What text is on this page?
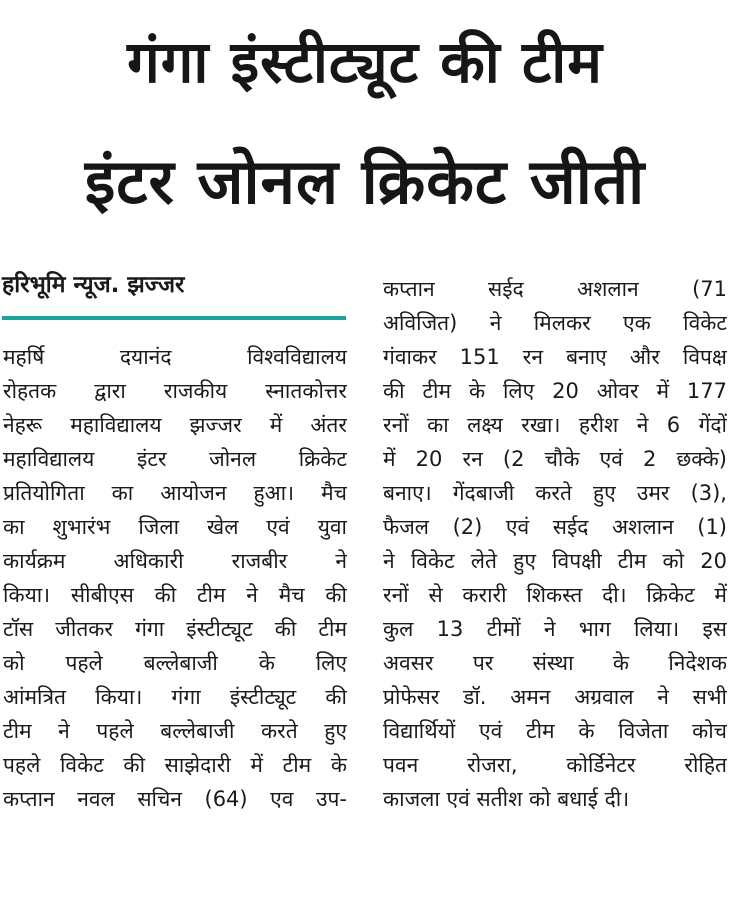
गंगा इंस्टीट्यूट की टीम
इंटर जोनल क्रिकेट जीती
हरिभूमि न्यूज. झज्जर
महर्षि दयानंद विश्वविद्यालय
रोहतक द्वारा राजकीय स्नातकोत्तर
नेहरू महाविद्यालय झज्जर में अंतर
महाविद्यालय इंटर जोनल क्रिकेट
प्रतियोगिता का आयोजन हुआ। मैच
का शुभारंभ जिला खेल एवं युवा
कार्यक्रम अधिकारी राजबीर ने
किया। सीबीएस की टीम ने मैच की
टॉस जीतकर गंगा इंस्टीट्यूट की टीम
को पहले बल्लेबाजी के लिए
आंमत्रित किया। गंगा इंस्टीट्यूट की
टीम ने पहले बल्लेबाजी करते हुए
पहले विकेट की साझेदारी में टीम के
कप्तान नवल सचिन (64) एव उप-
कप्तान सईद अशलान (71
अविजित) ने मिलकर एक विकेट
गंवाकर 151 रन बनाए और विपक्ष
की टीम के लिए 20 ओवर में 177
रनों का लक्ष्य रखा। हरीश ने 6 गेंदों
में 20 रन (2 चौके एवं 2 छक्के)
बनाए। गेंदबाजी करते हुए उमर (3),
फैजल (2) एवं सईद अशलान (1)
ने विकेट लेते हुए विपक्षी टीम को 20
रनों से करारी शिकस्त दी। क्रिकेट में
कुल 13 टीमों ने भाग लिया। इस
अवसर पर संस्था के निदेशक
प्रोफेसर डॉ. अमन अग्रवाल ने सभी
विद्यार्थियों एवं टीम के विजेता कोच
पवन रोजरा, कोर्डिनेटर रोहित
काजला एवं सतीश को बधाई दी।
